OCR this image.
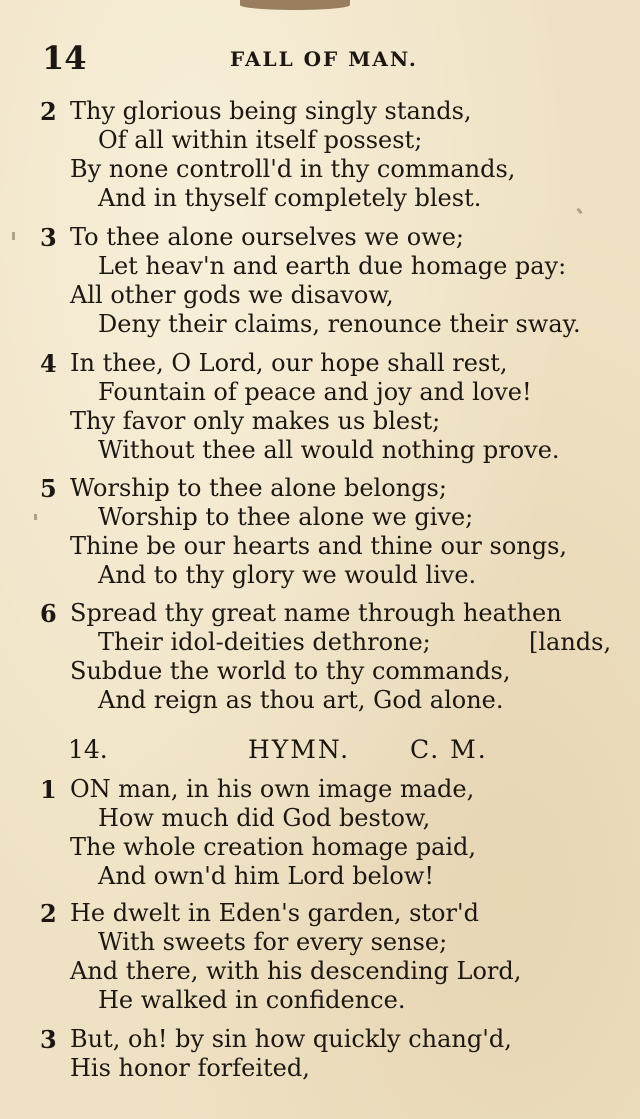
14	FALL OF MAN.
2 Thy glorious being singly stands,
Of all within itself possest;
By none controll'd in thy commands,
And in thyself completely blest.
3 To thee alone ourselves we owe;
Let heav'n and earth due homage pay:
All other gods we disavow,
Deny their claims, renounce their sway.
4 In thee, O Lord, our hope shall rest,
Fountain of peace and joy and love!
Thy favor only makes us blest;
Without thee all would nothing prove.
5 Worship to thee alone belongs;
Worship to thee alone we give;
Thine be our hearts and thine our songs,
And to thy glory we would live.
6 Spread thy great name through heathen
Their idol-deities dethrone;	[lands,
Subdue the world to thy commands,
And reign as thou art, God alone.
14.	HYMN. C. M.
1 ON man, in his own image made,
How much did God bestow,
The whole creation homage paid,
And own'd him Lord below!
2 He dwelt in Eden's garden, stor'd
With sweets for every sense;
And there, with his descending Lord,
He walked in confidence.
3 But, oh! by sin how quickly chang'd,
His honor forfeited,
